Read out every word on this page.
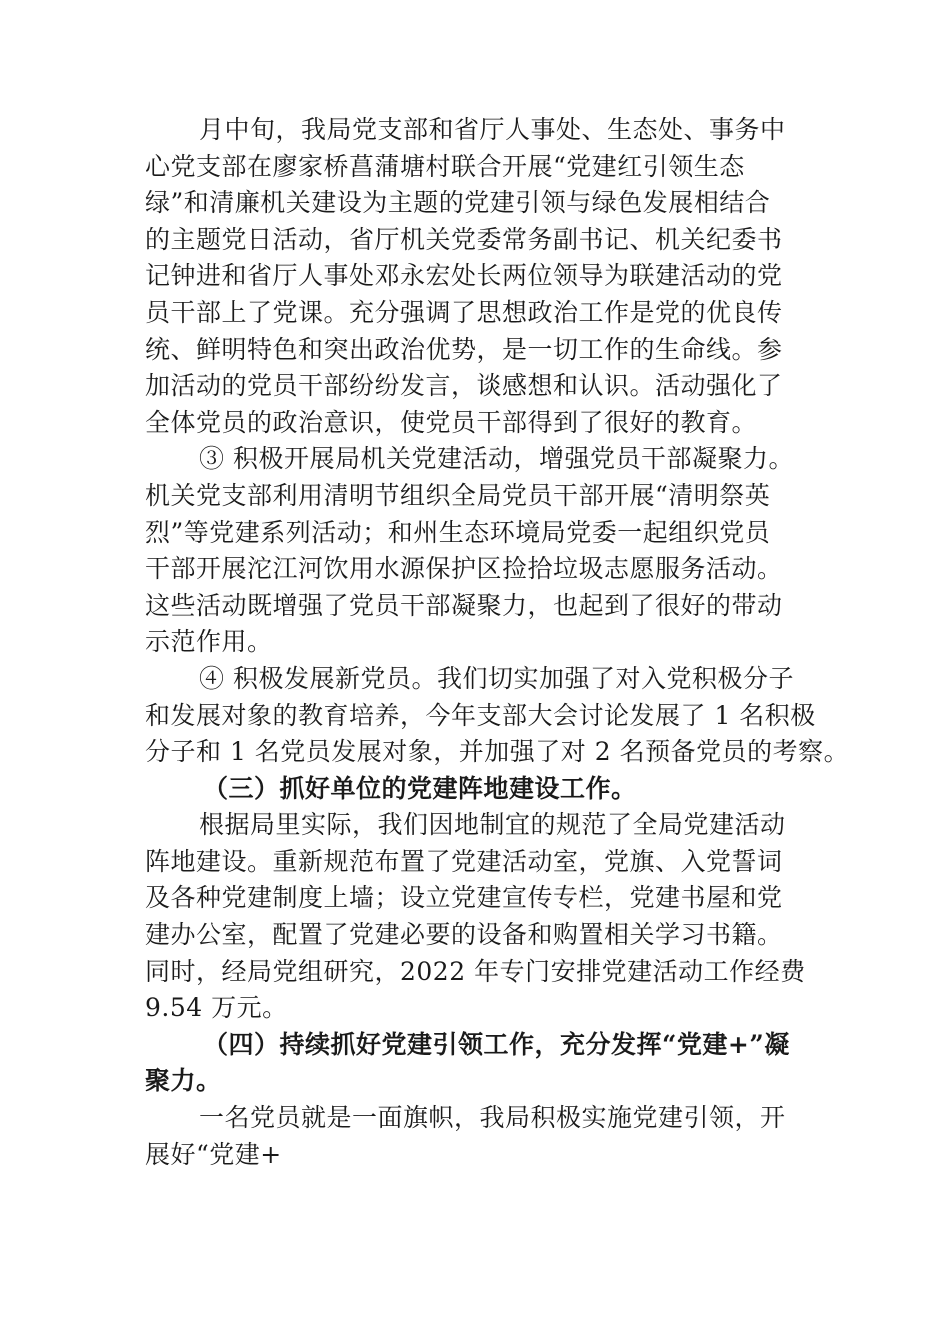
月中旬，我局党支部和省厅人事处、生态处、事务中
心党支部在廖家桥菖蒲塘村联合开展“党建红引领生态
绿”和清廉机关建设为主题的党建引领与绿色发展相结合
的主题党日活动，省厅机关党委常务副书记、机关纪委书
记钟进和省厅人事处邓永宏处长两位领导为联建活动的党
员干部上了党课。充分强调了思想政治工作是党的优良传
统、鲜明特色和突出政治优势，是一切工作的生命线。参
加活动的党员干部纷纷发言，谈感想和认识。活动强化了
全体党员的政治意识，使党员干部得到了很好的教育。
③ 积极开展局机关党建活动，增强党员干部凝聚力。
机关党支部利用清明节组织全局党员干部开展“清明祭英
烈”等党建系列活动；和州生态环境局党委一起组织党员
干部开展沱江河饮用水源保护区捡拾垃圾志愿服务活动。
这些活动既增强了党员干部凝聚力，也起到了很好的带动
示范作用。
④ 积极发展新党员。我们切实加强了对入党积极分子
和发展对象的教育培养，今年支部大会讨论发展了 1 名积极
分子和 1 名党员发展对象，并加强了对 2 名预备党员的考察。
（三）抓好单位的党建阵地建设工作。
根据局里实际，我们因地制宜的规范了全局党建活动
阵地建设。重新规范布置了党建活动室，党旗、入党誓词
及各种党建制度上墙；设立党建宣传专栏，党建书屋和党
建办公室，配置了党建必要的设备和购置相关学习书籍。
同时，经局党组研究，2022 年专门安排党建活动工作经费
9.54 万元。
（四）持续抓好党建引领工作，充分发挥“党建+”凝
聚力。
一名党员就是一面旗帜，我局积极实施党建引领，开
展好“党建+
